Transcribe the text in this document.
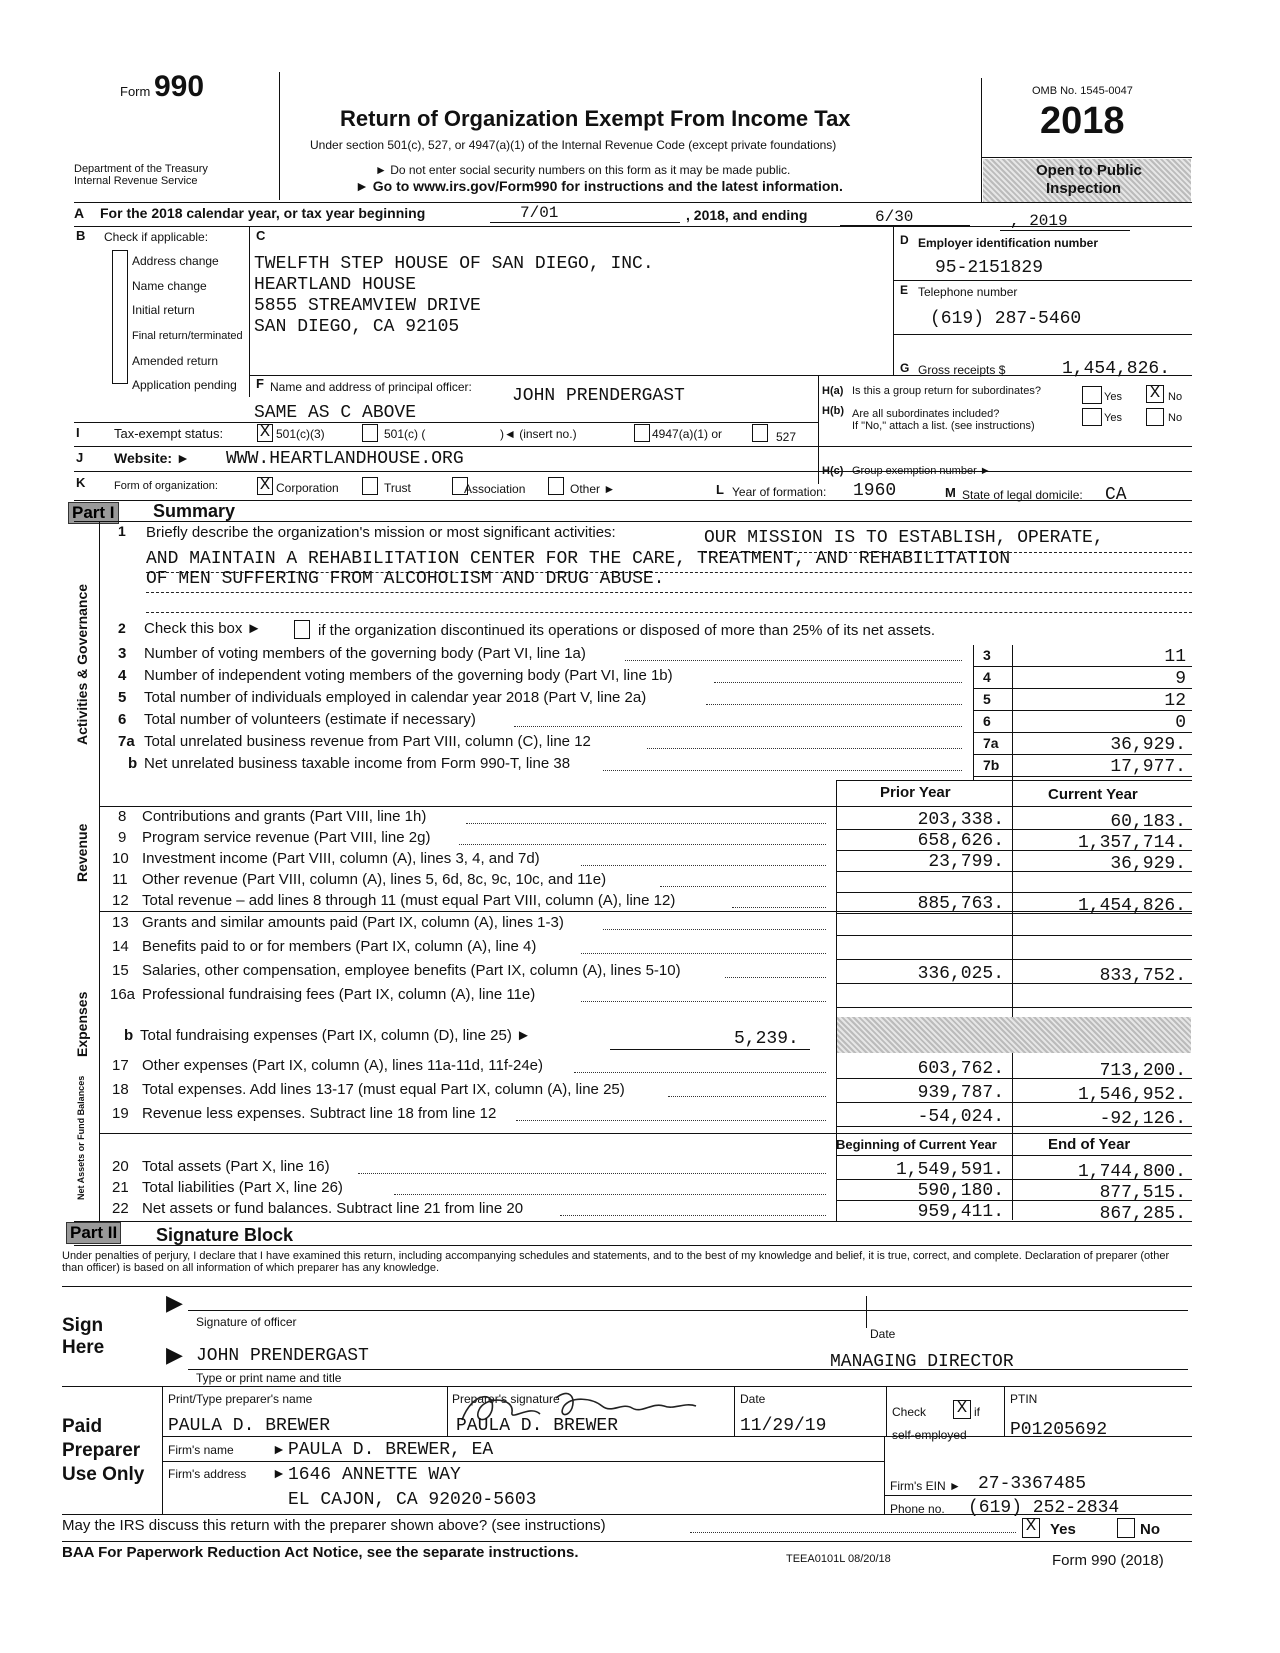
Form 990
Department of the Treasury
Internal Revenue Service
Return of Organization Exempt From Income Tax
Under section 501(c), 527, or 4947(a)(1) of the Internal Revenue Code (except private foundations)
► Do not enter social security numbers on this form as it may be made public.
► Go to www.irs.gov/Form990 for instructions and the latest information.
OMB No. 1545-0047
2018
Open to Public
Inspection
A For the 2018 calendar year, or tax year beginning	7/01	, 2018, and ending	6/30	, 2019
B Check if applicable:
Address change
Name change
Initial return
Final return/terminated
Amended return
Application pending
C
TWELFTH STEP HOUSE OF SAN DIEGO, INC.
HEARTLAND HOUSE
5855 STREAMVIEW DRIVE
SAN DIEGO, CA 92105
D Employer identification number
95-2151829
E Telephone number
(619) 287-5460
G Gross receipts $	1,454,826.
F Name and address of principal officer: JOHN PRENDERGAST
SAME AS C ABOVE
H(a) Is this a group return for subordinates?	Yes X No
H(b) Are all subordinates included?
If "No," attach a list. (see instructions)
Yes	No
I	Tax-exempt status: X 501(c)(3)	501(c) (	)◄ (insert no.)	4947(a)(1) or	527
J Website: ► WWW.HEARTLANDHOUSE.ORG
H(c) Group exemption number ►
K	Form of organization: X Corporation	Trust	Association	Other ►	L Year of formation: 1960	M State of legal domicile: CA
Part I Summary
Activities & Governance
Revenue
Expenses
Net Assets or Fund Balances
1 Briefly describe the organization's mission or most significant activities:	OUR MISSION IS TO ESTABLISH, OPERATE,
AND MAINTAIN A REHABILITATION CENTER FOR THE CARE, TREATMENT, AND REHABILITATION
OF MEN SUFFERING FROM ALCOHOLISM AND DRUG ABUSE.
2 Check this box ►	if the organization discontinued its operations or disposed of more than 25% of its net assets.
3 Number of voting members of the governing body (Part VI, line 1a)	3	11
4 Number of independent voting members of the governing body (Part VI, line 1b)	4	9
5 Total number of individuals employed in calendar year 2018 (Part V, line 2a)	5	12
6 Total number of volunteers (estimate if necessary)	6	0
7a Total unrelated business revenue from Part VIII, column (C), line 12	7a	36,929.
b Net unrelated business taxable income from Form 990-T, line 38	7b	17,977.
Prior Year	Current Year
8 Contributions and grants (Part VIII, line 1h)	203,338.	60,183.
9 Program service revenue (Part VIII, line 2g)	658,626.	1,357,714.
10 Investment income (Part VIII, column (A), lines 3, 4, and 7d)	23,799.	36,929.
11 Other revenue (Part VIII, column (A), lines 5, 6d, 8c, 9c, 10c, and 11e)
12 Total revenue – add lines 8 through 11 (must equal Part VIII, column (A), line 12)	885,763.	1,454,826.
13 Grants and similar amounts paid (Part IX, column (A), lines 1-3)
14 Benefits paid to or for members (Part IX, column (A), line 4)
15 Salaries, other compensation, employee benefits (Part IX, column (A), lines 5-10)	336,025.	833,752.
16a Professional fundraising fees (Part IX, column (A), line 11e)
b Total fundraising expenses (Part IX, column (D), line 25) ►	5,239.
17 Other expenses (Part IX, column (A), lines 11a-11d, 11f-24e)	603,762.	713,200.
18 Total expenses. Add lines 13-17 (must equal Part IX, column (A), line 25)	939,787.	1,546,952.
19 Revenue less expenses. Subtract line 18 from line 12	-54,024.	-92,126.
Beginning of Current Year	End of Year
20 Total assets (Part X, line 16)	1,549,591.	1,744,800.
21 Total liabilities (Part X, line 26)	590,180.	877,515.
22 Net assets or fund balances. Subtract line 21 from line 20	959,411.	867,285.
Part II Signature Block
Under penalties of perjury, I declare that I have examined this return, including accompanying schedules and statements, and to the best of my knowledge and belief, it is true, correct, and complete. Declaration of preparer (other than officer) is based on all information of which preparer has any knowledge.
Sign
Here
▶
Signature of officer
Date
▶ JOHN PRENDERGAST	MANAGING DIRECTOR
Type or print name and title
Paid
Preparer
Use Only
Print/Type preparer's name
PAULA D. BREWER
Preparer's signature
PAULA D. BREWER
Date
11/29/19
Check X if
self-employed
PTIN
P01205692
Firm's name	► PAULA D. BREWER, EA
Firm's address ► 1646 ANNETTE WAY
EL CAJON, CA 92020-5603
Firm's EIN ► 27-3367485
Phone no. (619) 252-2834
May the IRS discuss this return with the preparer shown above? (see instructions)	X Yes	No
BAA For Paperwork Reduction Act Notice, see the separate instructions.	TEEA0101L 08/20/18	Form 990 (2018)
